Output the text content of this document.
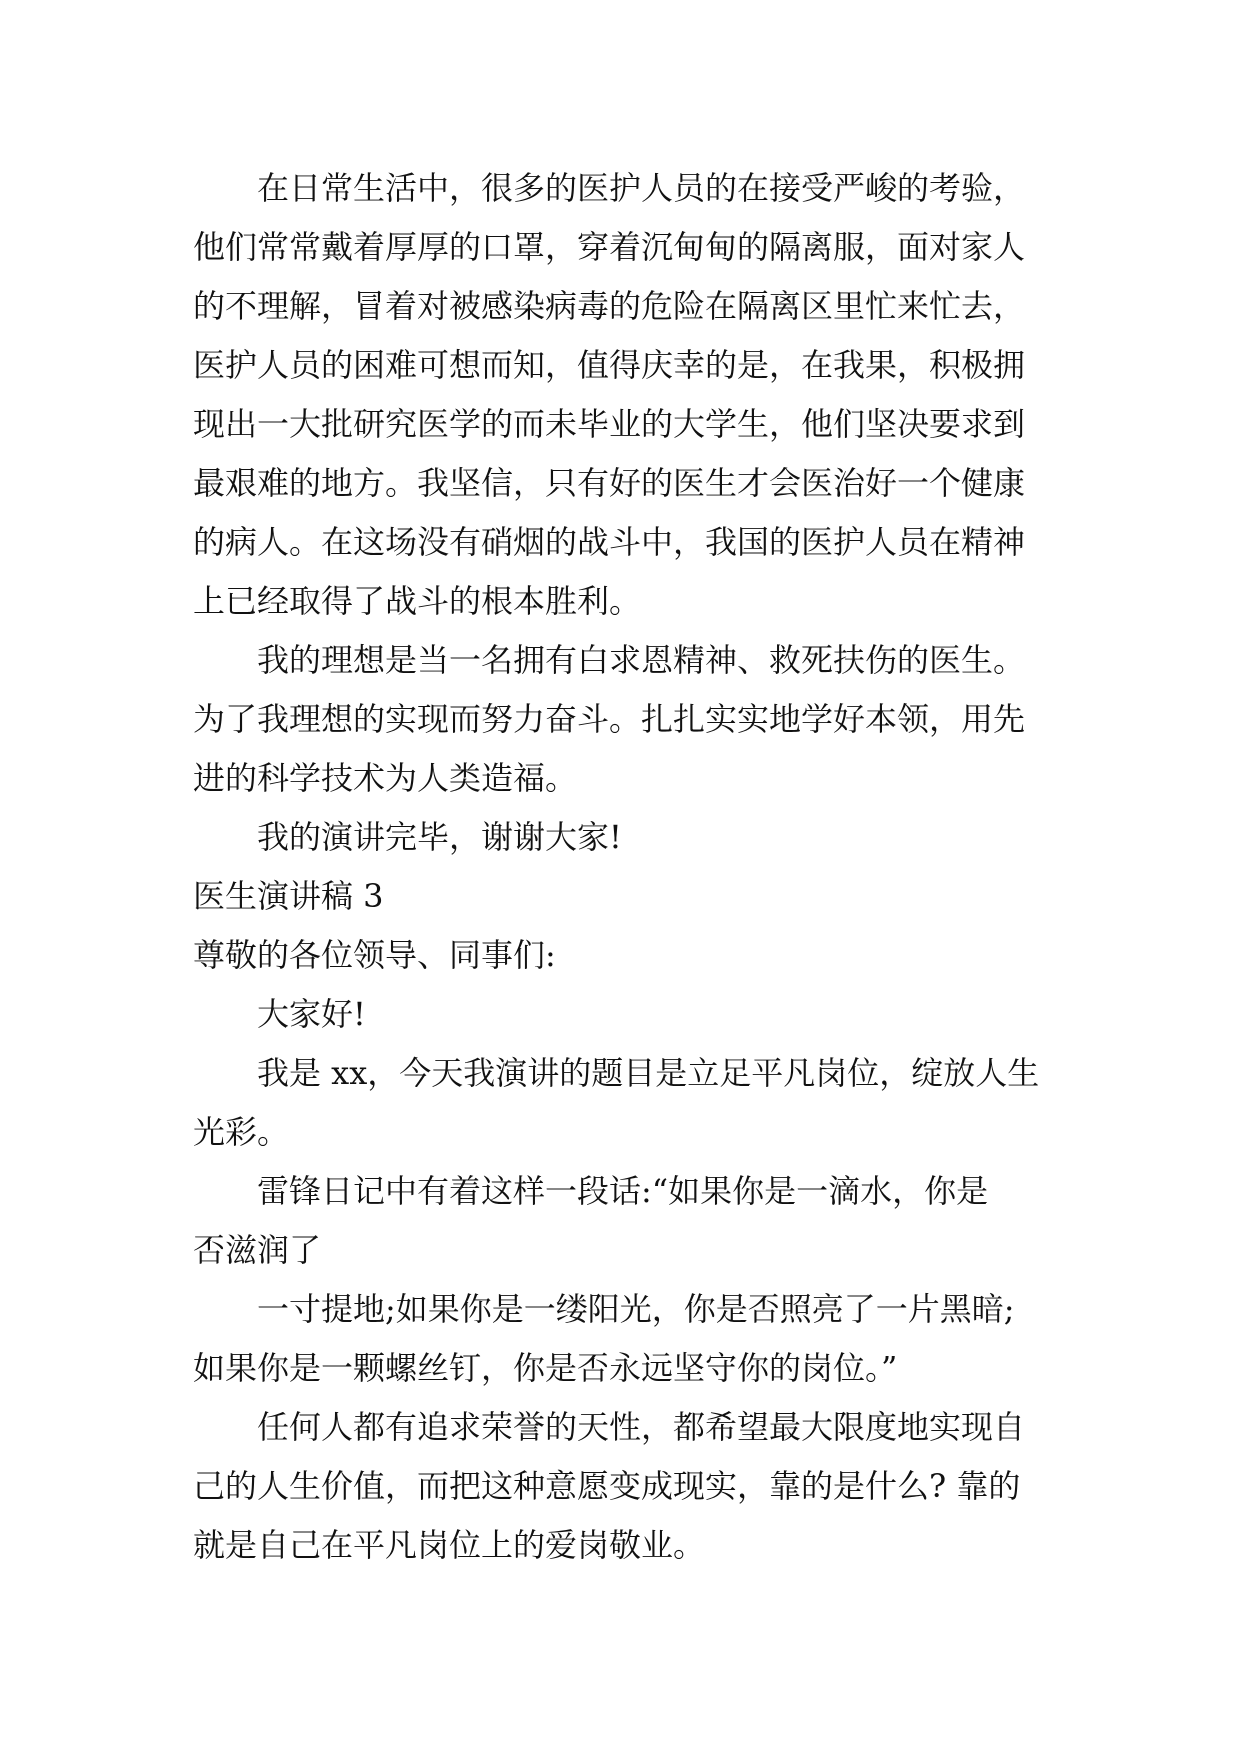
在日常生活中，很多的医护人员的在接受严峻的考验，
他们常常戴着厚厚的口罩，穿着沉甸甸的隔离服，面对家人
的不理解，冒着对被感染病毒的危险在隔离区里忙来忙去，
医护人员的困难可想而知，值得庆幸的是，在我果，积极拥
现出一大批研究医学的而未毕业的大学生，他们坚决要求到
最艰难的地方。我坚信，只有好的医生才会医治好一个健康
的病人。在这场没有硝烟的战斗中，我国的医护人员在精神
上已经取得了战斗的根本胜利。
我的理想是当一名拥有白求恩精神、救死扶伤的医生。
为了我理想的实现而努力奋斗。扎扎实实地学好本领，用先
进的科学技术为人类造福。
我的演讲完毕，谢谢大家!
医生演讲稿 3
尊敬的各位领导、同事们:
大家好!
我是 xx，今天我演讲的题目是立足平凡岗位，绽放人生
光彩。
雷锋日记中有着这样一段话:“如果你是一滴水，你是
否滋润了
一寸提地;如果你是一缕阳光，你是否照亮了一片黑暗;
如果你是一颗螺丝钉，你是否永远坚守你的岗位。”
任何人都有追求荣誉的天性，都希望最大限度地实现自
己的人生价值，而把这种意愿变成现实，靠的是什么? 靠的
就是自己在平凡岗位上的爱岗敬业。
